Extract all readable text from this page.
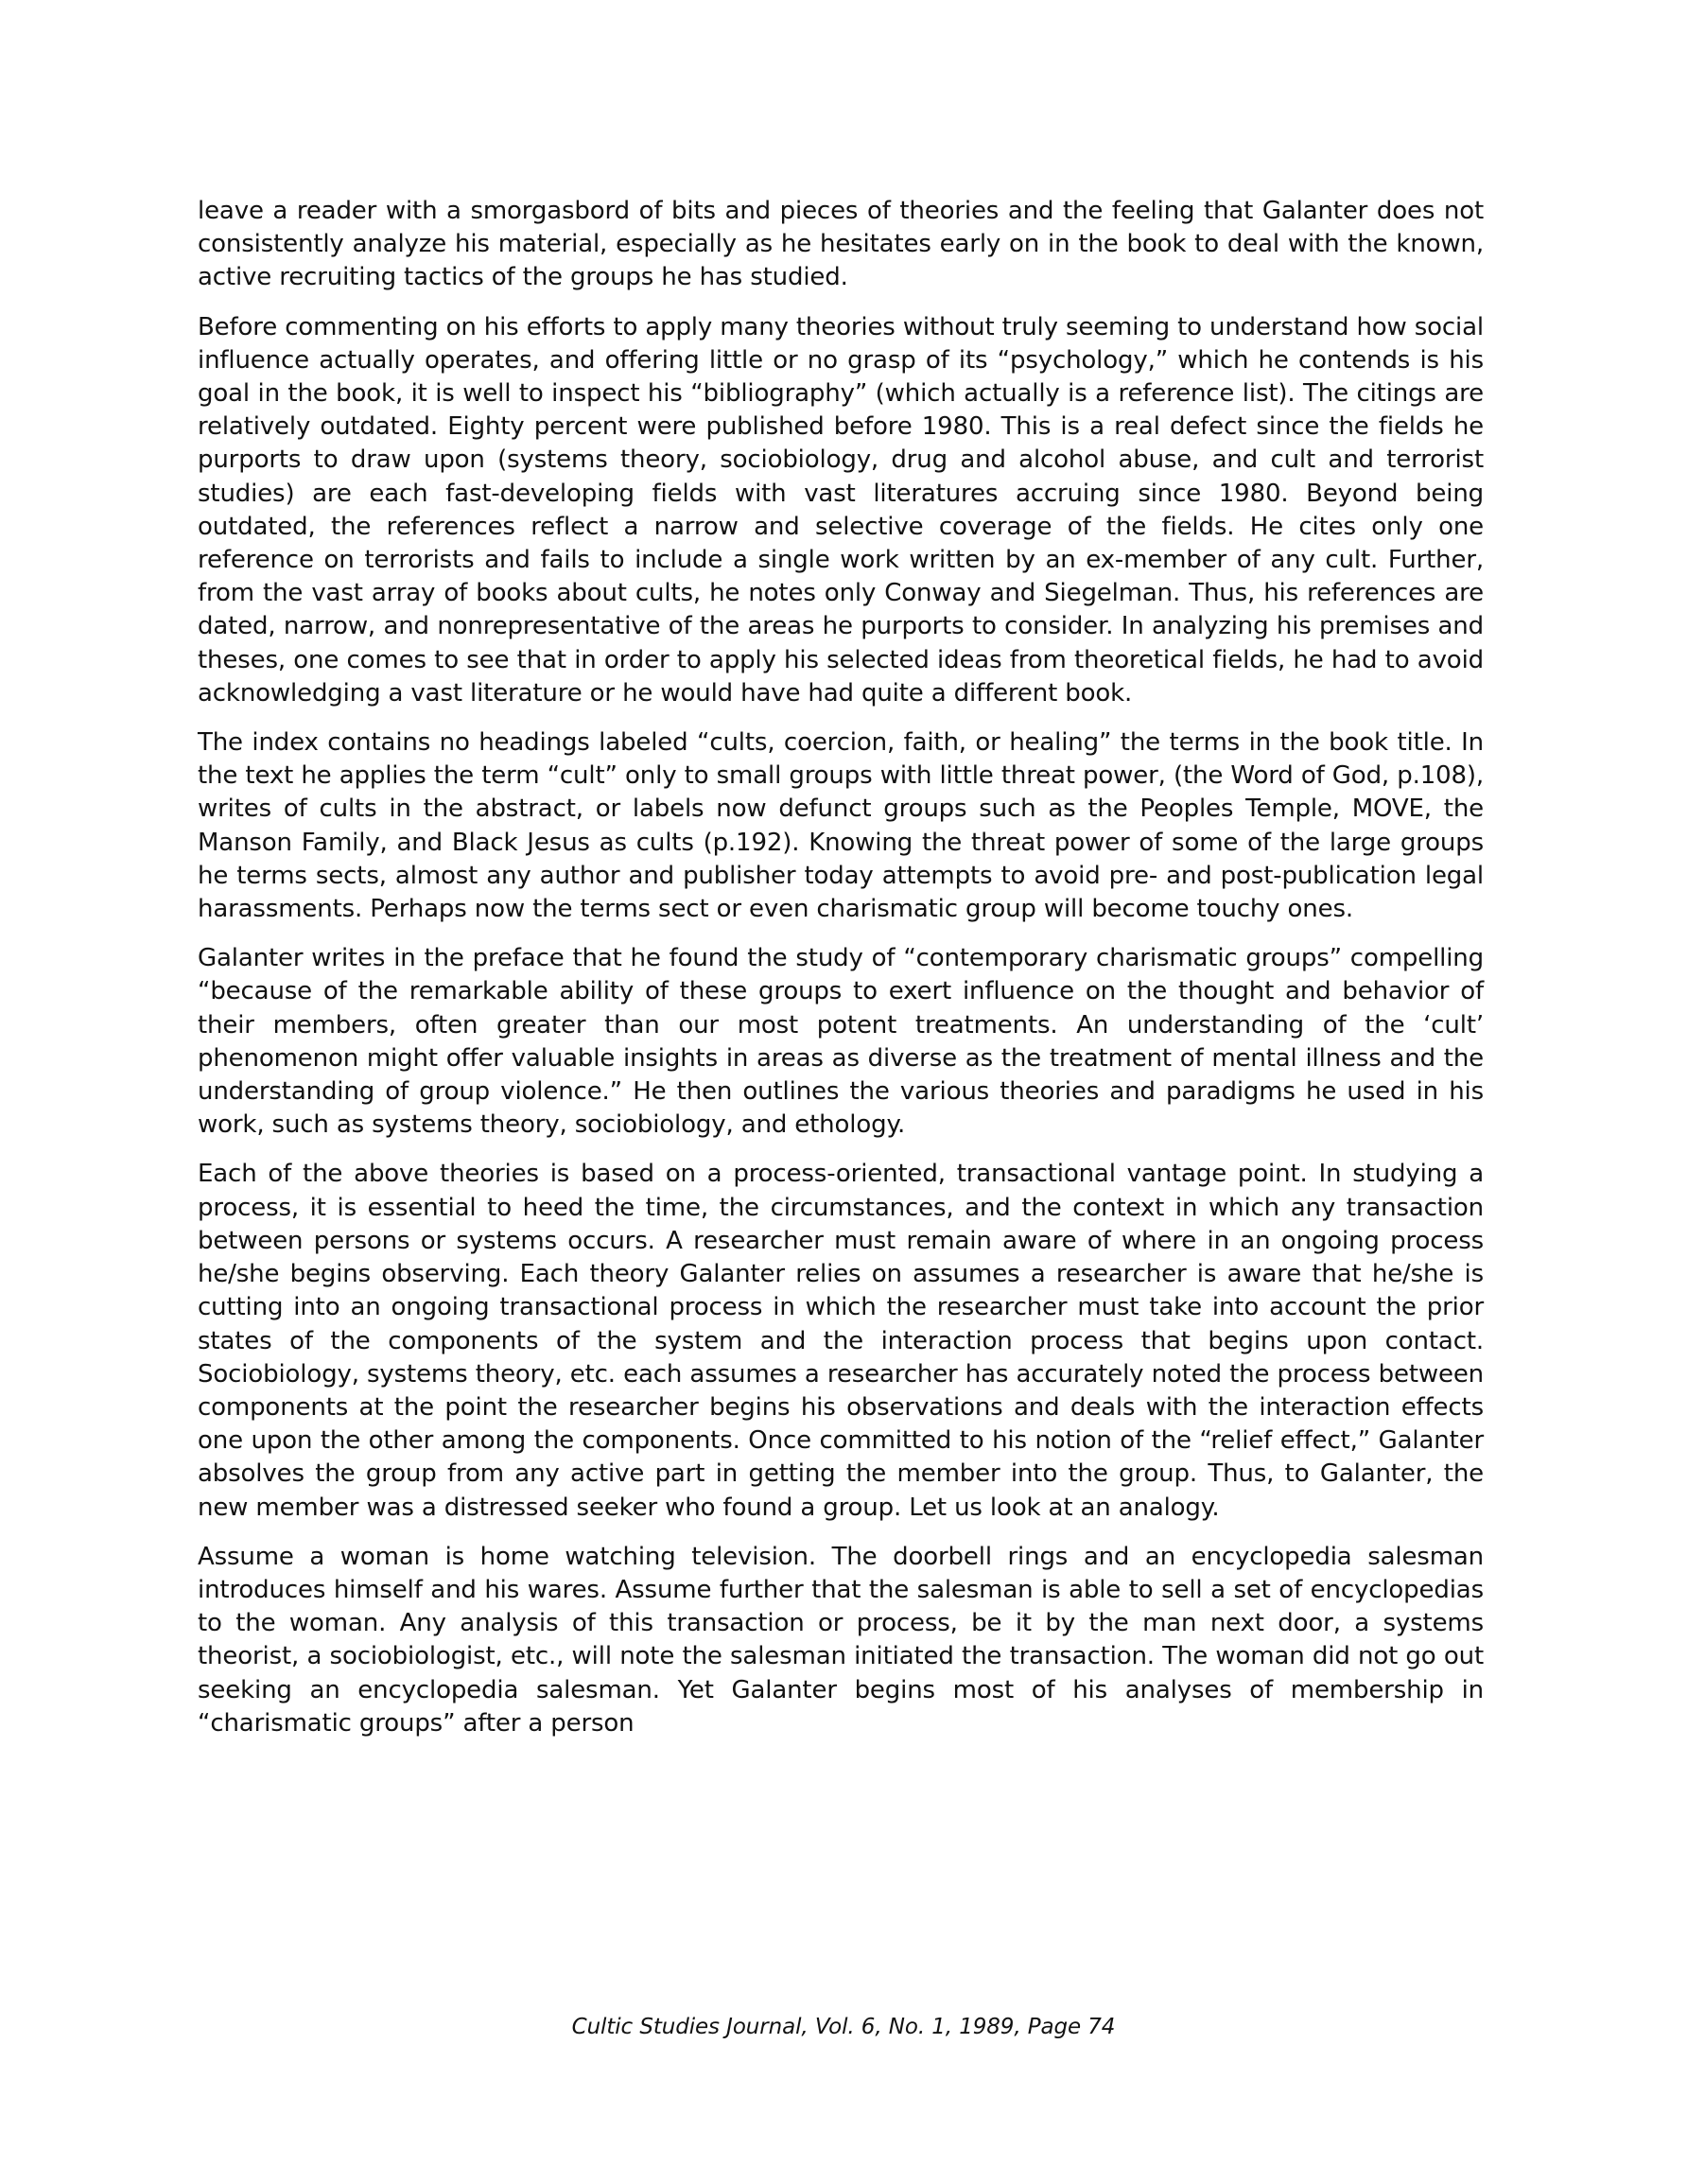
leave a reader with a smorgasbord of bits and pieces of theories and the feeling that Galanter does not consistently analyze his material, especially as he hesitates early on in the book to deal with the known, active recruiting tactics of the groups he has studied.

Before commenting on his efforts to apply many theories without truly seeming to understand how social influence actually operates, and offering little or no grasp of its “psychology,” which he contends is his goal in the book, it is well to inspect his “bibliography” (which actually is a reference list). The citings are relatively outdated. Eighty percent were published before 1980. This is a real defect since the fields he purports to draw upon (systems theory, sociobiology, drug and alcohol abuse, and cult and terrorist studies) are each fast-developing fields with vast literatures accruing since 1980. Beyond being outdated, the references reflect a narrow and selective coverage of the fields. He cites only one reference on terrorists and fails to include a single work written by an ex-member of any cult. Further, from the vast array of books about cults, he notes only Conway and Siegelman. Thus, his references are dated, narrow, and nonrepresentative of the areas he purports to consider. In analyzing his premises and theses, one comes to see that in order to apply his selected ideas from theoretical fields, he had to avoid acknowledging a vast literature or he would have had quite a different book.

The index contains no headings labeled “cults, coercion, faith, or healing” the terms in the book title. In the text he applies the term “cult” only to small groups with little threat power, (the Word of God, p.108), writes of cults in the abstract, or labels now defunct groups such as the Peoples Temple, MOVE, the Manson Family, and Black Jesus as cults (p.192). Knowing the threat power of some of the large groups he terms sects, almost any author and publisher today attempts to avoid pre- and post-publication legal harassments. Perhaps now the terms sect or even charismatic group will become touchy ones.

Galanter writes in the preface that he found the study of “contemporary charismatic groups” compelling “because of the remarkable ability of these groups to exert influence on the thought and behavior of their members, often greater than our most potent treatments. An understanding of the ‘cult’ phenomenon might offer valuable insights in areas as diverse as the treatment of mental illness and the understanding of group violence.” He then outlines the various theories and paradigms he used in his work, such as systems theory, sociobiology, and ethology.

Each of the above theories is based on a process-oriented, transactional vantage point. In studying a process, it is essential to heed the time, the circumstances, and the context in which any transaction between persons or systems occurs. A researcher must remain aware of where in an ongoing process he/she begins observing. Each theory Galanter relies on assumes a researcher is aware that he/she is cutting into an ongoing transactional process in which the researcher must take into account the prior states of the components of the system and the interaction process that begins upon contact. Sociobiology, systems theory, etc. each assumes a researcher has accurately noted the process between components at the point the researcher begins his observations and deals with the interaction effects one upon the other among the components. Once committed to his notion of the “relief effect,” Galanter absolves the group from any active part in getting the member into the group. Thus, to Galanter, the new member was a distressed seeker who found a group. Let us look at an analogy.

Assume a woman is home watching television. The doorbell rings and an encyclopedia salesman introduces himself and his wares. Assume further that the salesman is able to sell a set of encyclopedias to the woman. Any analysis of this transaction or process, be it by the man next door, a systems theorist, a sociobiologist, etc., will note the salesman initiated the transaction. The woman did not go out seeking an encyclopedia salesman. Yet Galanter begins most of his analyses of membership in “charismatic groups” after a person

Cultic Studies Journal, Vol. 6, No. 1, 1989, Page 74
